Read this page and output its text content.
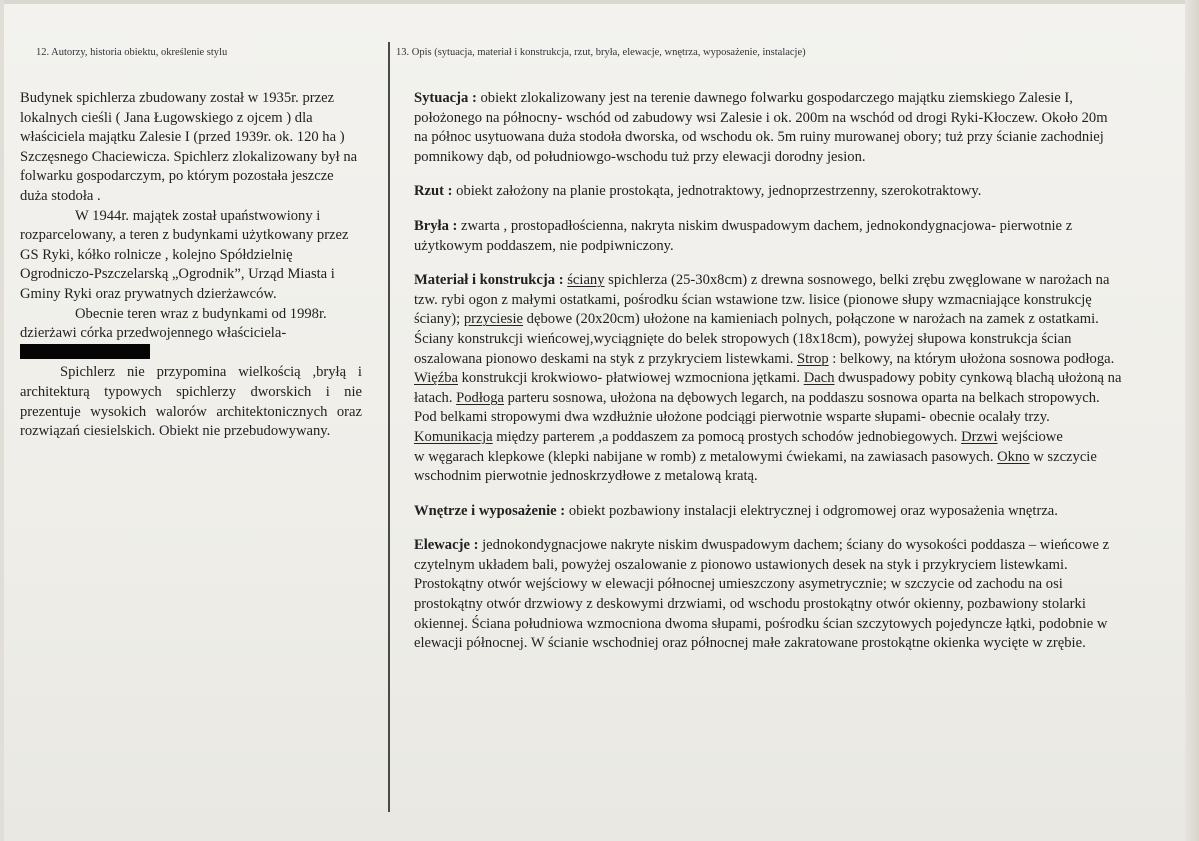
12. Autorzy, historia obiektu, określenie stylu	13. Opis (sytuacja, materiał i konstrukcja, rzut, bryła, elewacje, wnętrza, wyposażenie, instalacje)

Budynek spichlerza zbudowany został w 1935r. przez lokalnych cieśli ( Jana Ługowskiego z ojcem ) dla właściciela majątku Zalesie I (przed 1939r. ok. 120 ha ) Szczęsnego Chaciewicza. Spichlerz zlokalizowany był na folwarku gospodarczym, po którym pozostała jeszcze duża stodoła .

W 1944r. majątek został upaństwowiony i rozparcelowany, a teren z budynkami użytkowany przez GS Ryki, kółko rolnicze , kolejno Spółdzielnię Ogrodniczo-Pszczelarską „Ogrodnik”, Urząd Miasta i Gminy Ryki oraz prywatnych dzierżawców.

Obecnie teren wraz z budynkami od 1998r. dzierżawi córka przedwojennego właściciela-

Spichlerz nie przypomina wielkością ,bryłą i architekturą typowych spichlerzy dworskich i nie prezentuje wysokich walorów architektonicznych oraz rozwiązań ciesielskich. Obiekt nie przebudowywany.

Sytuacja : obiekt zlokalizowany jest na terenie dawnego folwarku gospodarczego majątku ziemskiego Zalesie I, położonego na północny- wschód od zabudowy wsi Zalesie i ok. 200m na wschód od drogi Ryki-Kłoczew. Około 20m na północ usytuowana duża stodoła dworska, od wschodu ok. 5m ruiny murowanej obory; tuż przy ścianie zachodniej pomnikowy dąb, od południowgo-wschodu tuż przy elewacji dorodny jesion.

Rzut : obiekt założony na planie prostokąta, jednotraktowy, jednoprzestrzenny, szerokotraktowy.

Bryła : zwarta , prostopadłościenna, nakryta niskim dwuspadowym dachem, jednokondygnacjowa- pierwotnie z użytkowym poddaszem, nie podpiwniczony.

Materiał i konstrukcja : ściany spichlerza (25-30x8cm) z drewna sosnowego, belki zrębu zwęglowane w narożach na tzw. rybi ogon z małymi ostatkami, pośrodku ścian wstawione tzw. lisice (pionowe słupy wzmacniające konstrukcję ściany); przyciesie dębowe (20x20cm) ułożone na kamieniach polnych, połączone w narożach na zamek z ostatkami. Ściany konstrukcji wieńcowej,wyciągnięte do belek stropowych (18x18cm), powyżej słupowa konstrukcja ścian oszalowana pionowo deskami na styk z przykryciem listewkami. Strop : belkowy, na którym ułożona sosnowa podłoga. Więźba konstrukcji krokwiowo- płatwiowej wzmocniona jętkami. Dach dwuspadowy pobity cynkową blachą ułożoną na łatach. Podłoga parteru sosnowa, ułożona na dębowych legarch, na poddaszu sosnowa oparta na belkach stropowych. Pod belkami stropowymi dwa wzdłużnie ułożone podciągi pierwotnie wsparte słupami- obecnie ocalały trzy. Komunikacja między parterem ,a poddaszem za pomocą prostych schodów jednobiegowych. Drzwi wejściowe
w węgarach klepkowe (klepki nabijane w romb) z metalowymi ćwiekami, na zawiasach pasowych. Okno w szczycie wschodnim pierwotnie jednoskrzydłowe z metalową kratą.

Wnętrze i wyposażenie : obiekt pozbawiony instalacji elektrycznej i odgromowej oraz wyposażenia wnętrza.

Elewacje : jednokondygnacjowe nakryte niskim dwuspadowym dachem; ściany do wysokości poddasza – wieńcowe z czytelnym układem bali, powyżej oszalowanie z pionowo ustawionych desek na styk i przykryciem listewkami. Prostokątny otwór wejściowy w elewacji północnej umieszczony asymetrycznie; w szczycie od zachodu na osi prostokątny otwór drzwiowy z deskowymi drzwiami, od wschodu prostokątny otwór okienny, pozbawiony stolarki okiennej. Ściana południowa wzmocniona dwoma słupami, pośrodku ścian szczytowych pojedyncze łątki, podobnie w elewacji północnej. W ścianie wschodniej oraz północnej małe zakratowane prostokątne okienka wycięte w zrębie.
